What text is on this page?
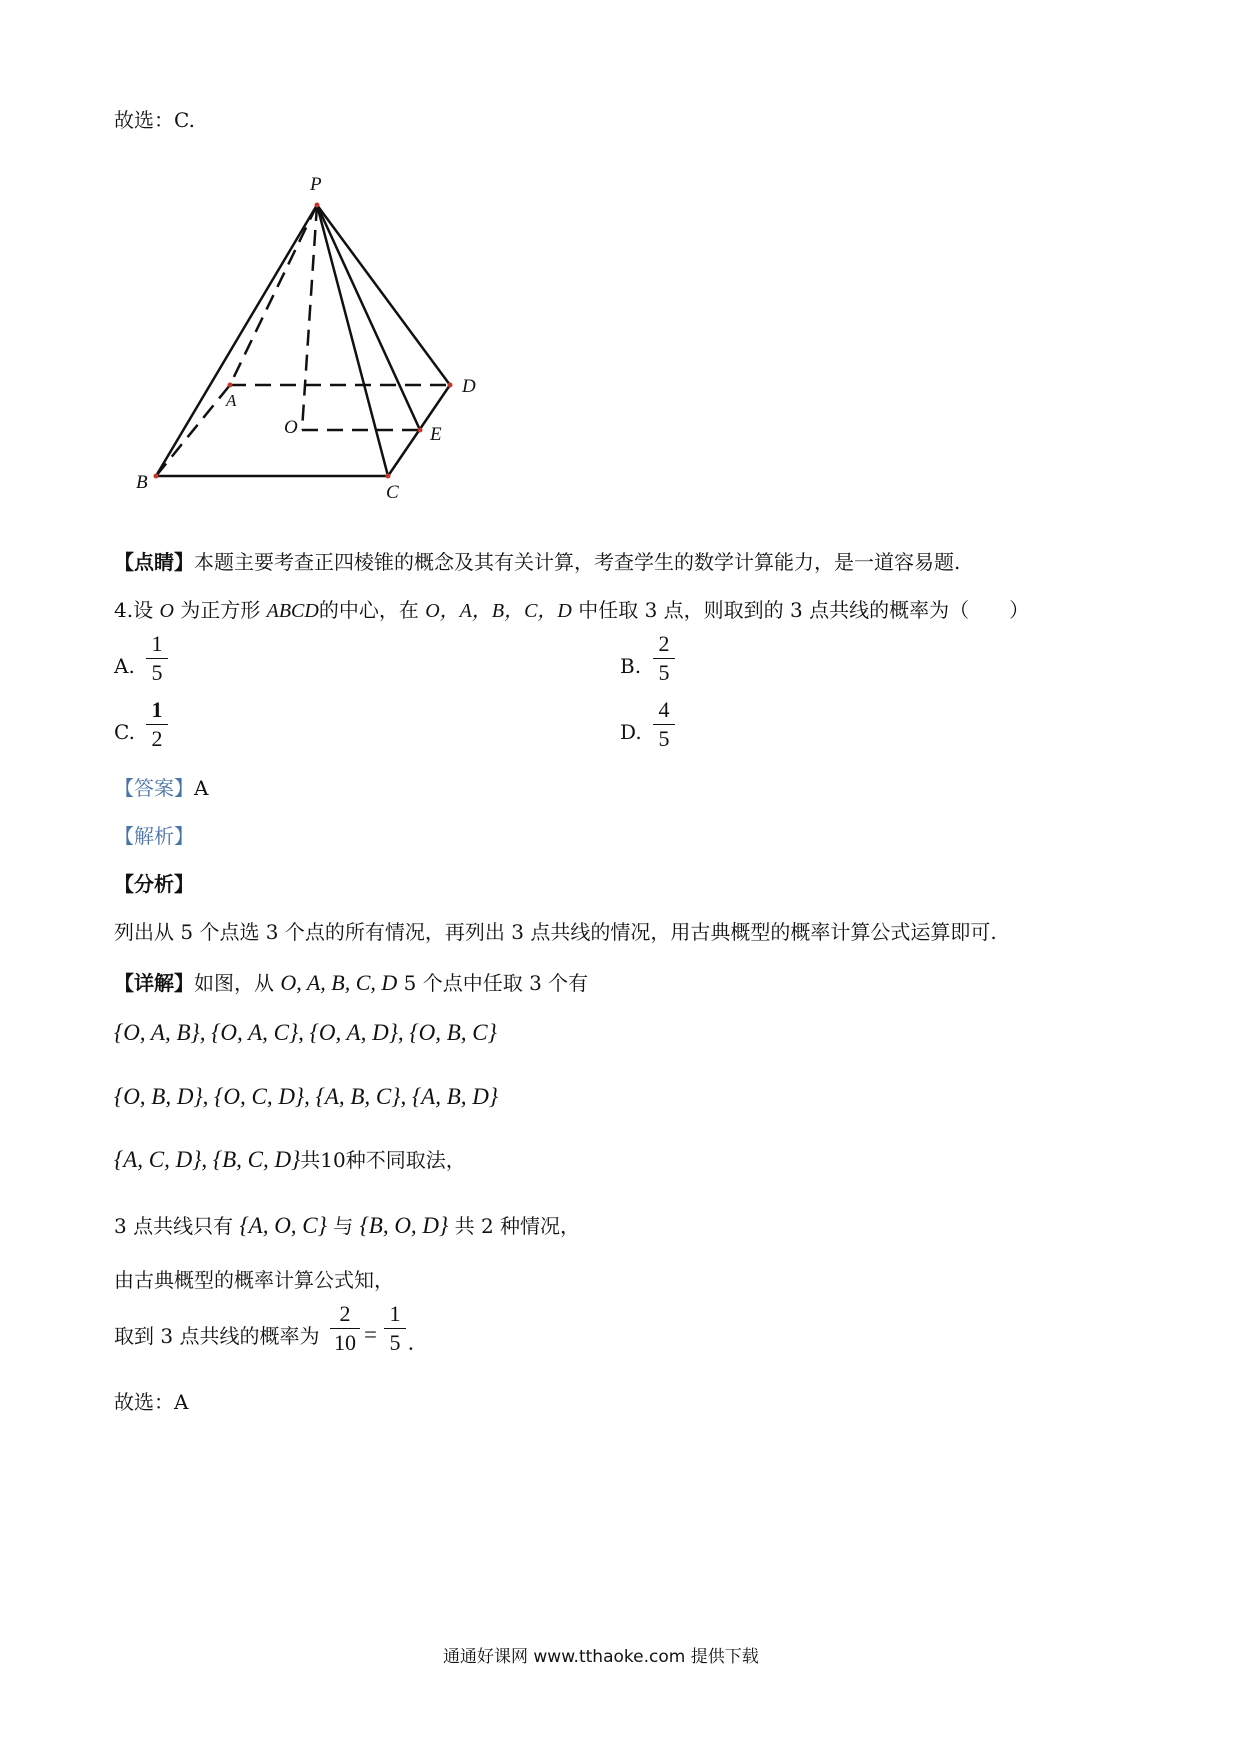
故选：C.
P
A
D
O	E
B	C
【点睛】本题主要考查正四棱锥的概念及其有关计算，考查学生的数学计算能力，是一道容易题.
4.设 O 为正方形 ABCD的中心，在 O，A，B，C，D 中任取 3 点，则取到的 3 点共线的概率为（　　）
A.
1
5	B.
2
5
C.
1
2	D.
4
5
【答案】A
【解析】
【分析】
列出从 5 个点选 3 个点的所有情况，再列出 3 点共线的情况，用古典概型的概率计算公式运算即可.
【详解】如图，从 O, A, B, C, D 5 个点中任取 3 个有
{O, A, B}, {O, A, C}, {O, A, D}, {O, B, C}
{O, B, D}, {O, C, D}, {A, B, C}, {A, B, D}
{A, C, D}, {B, C, D}共10种不同取法，
3 点共线只有 {A, O, C} 与 {B, O, D} 共 2 种情况，
由古典概型的概率计算公式知，
取到 3 点共线的概率为
2
10 =
1
5 .
故选：A
通通好课网 www.tthaoke.com 提供下载
